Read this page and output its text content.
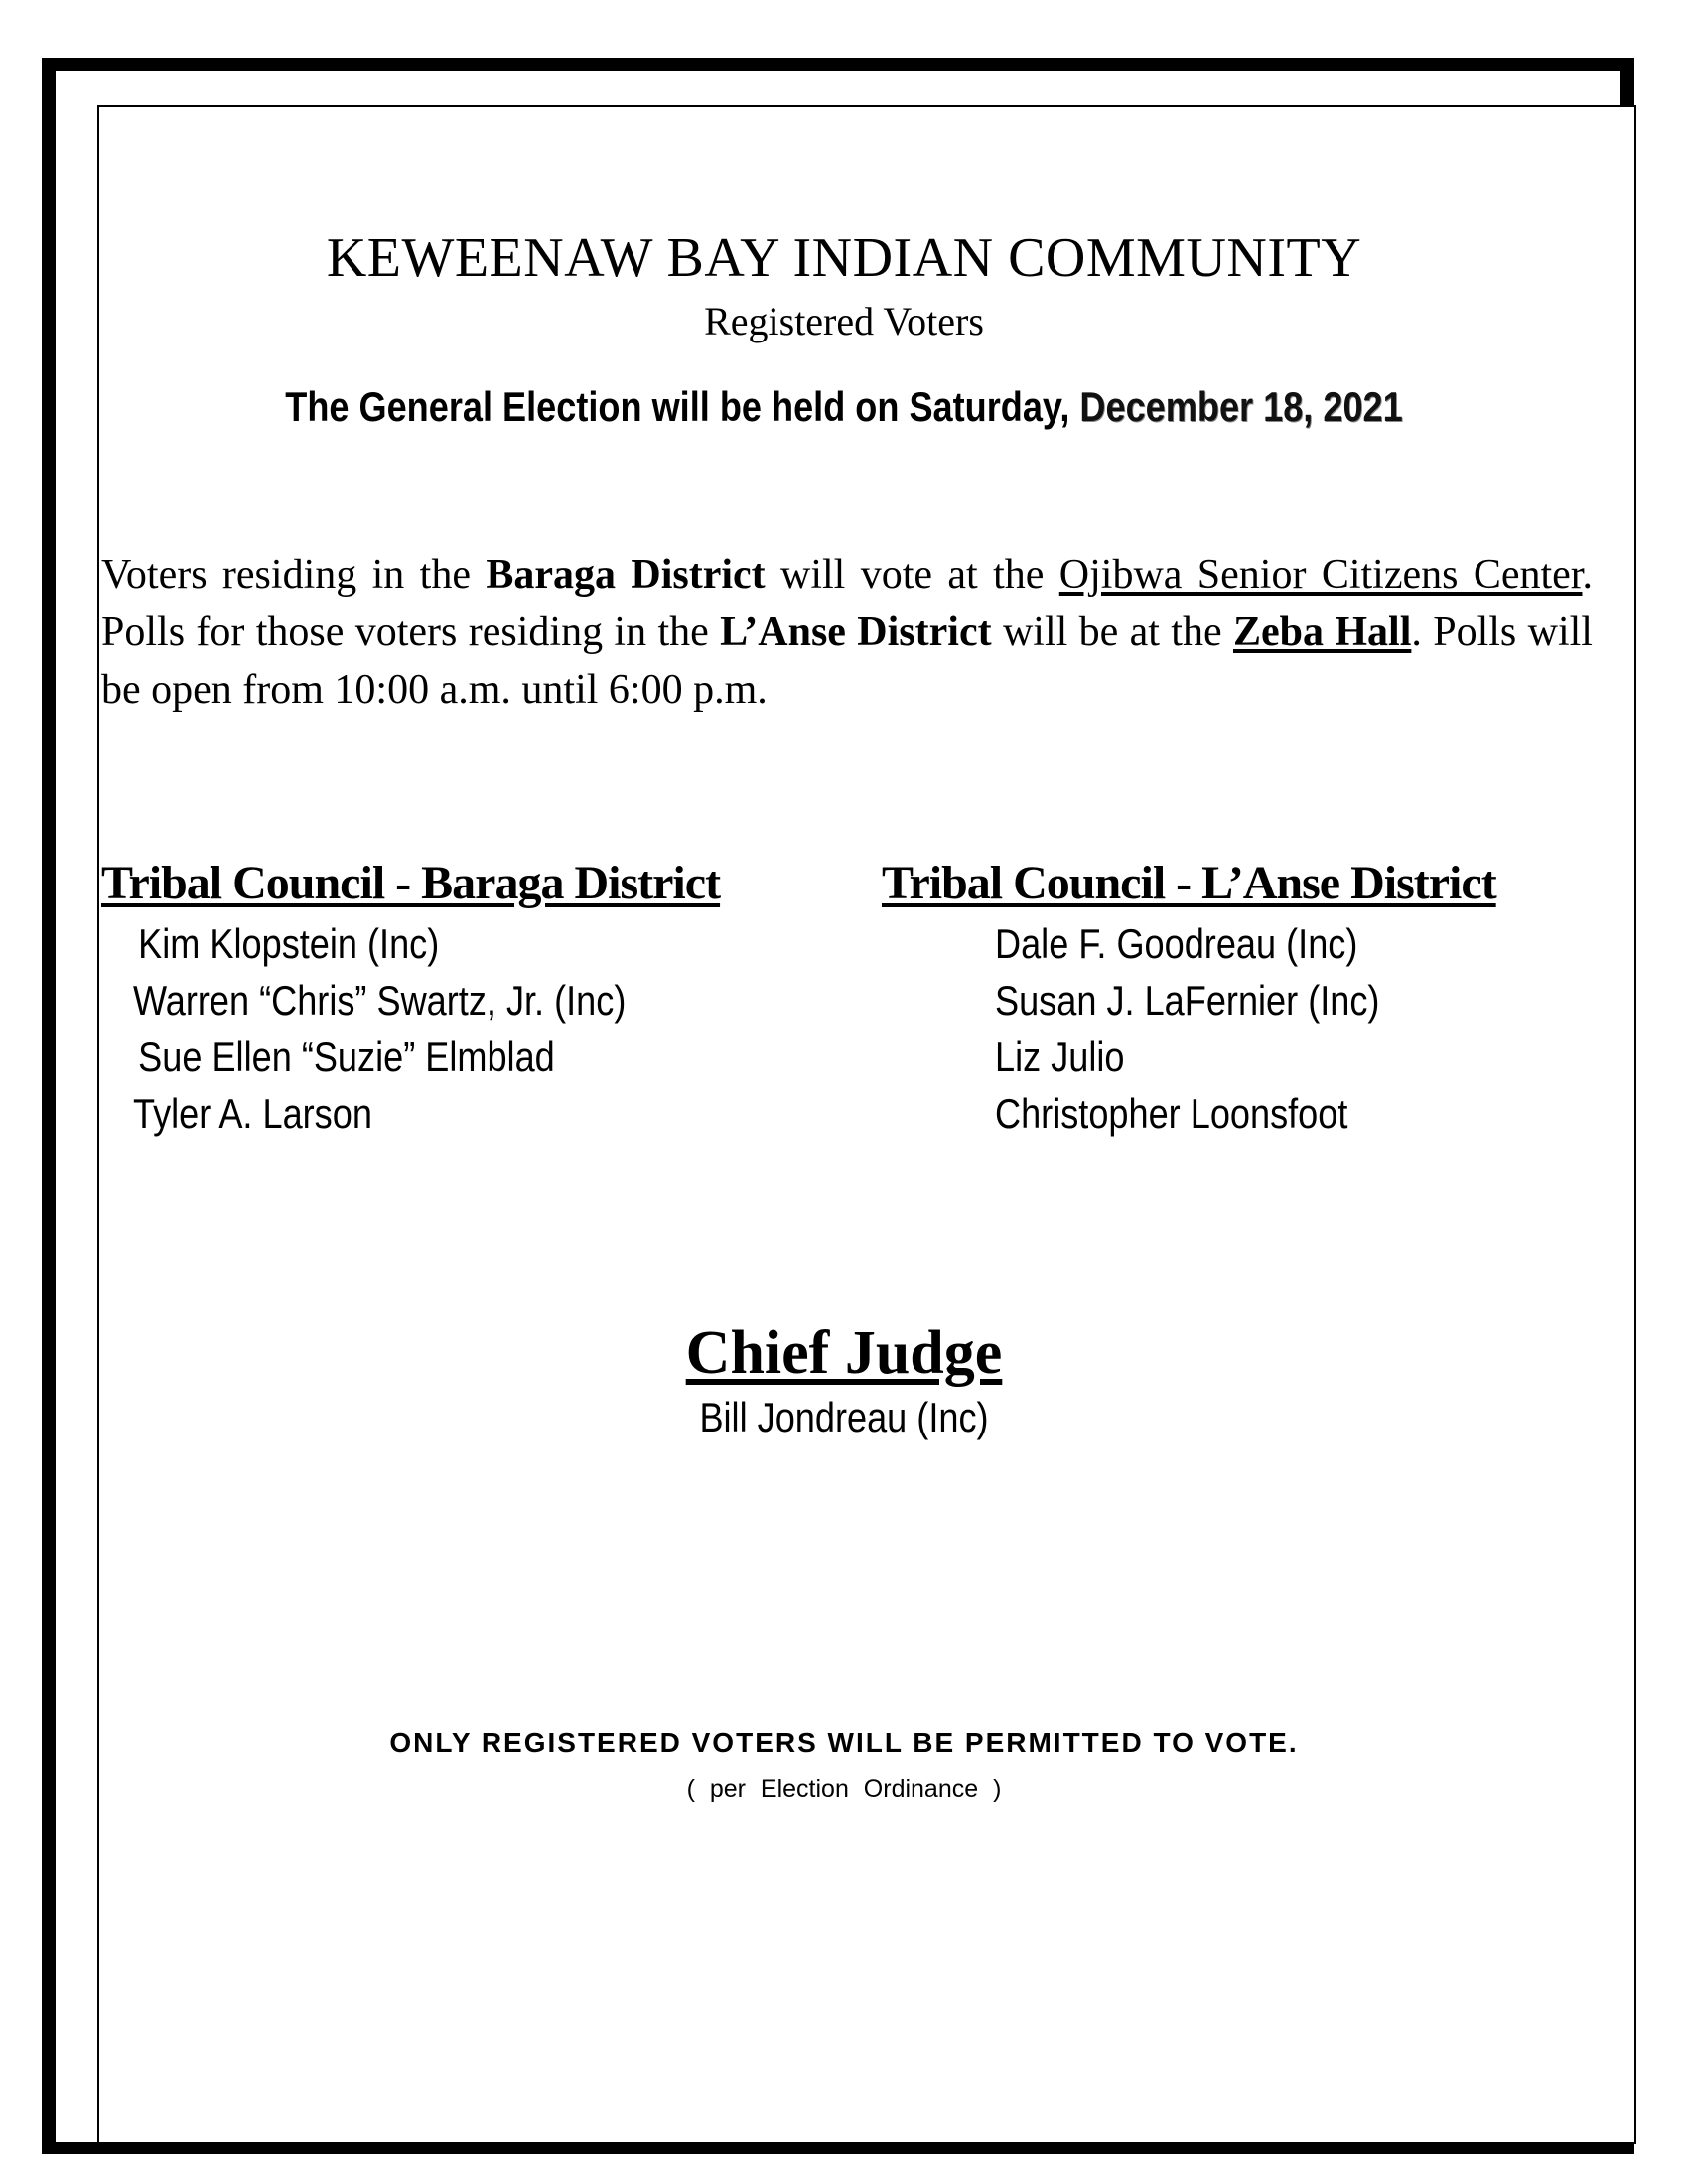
KEWEENAW BAY INDIAN COMMUNITY
Registered Voters
The General Election will be held on Saturday, December 18, 2021
Voters residing in the Baraga District will vote at the Ojibwa Senior Citizens Center. Polls for those voters residing in the L’Anse District will be at the Zeba Hall. Polls will be open from 10:00 a.m. until 6:00 p.m.
Tribal Council - Baraga District
Kim Klopstein (Inc)
Warren “Chris” Swartz, Jr. (Inc)
Sue Ellen “Suzie” Elmblad
Tyler A. Larson
Tribal Council - L’Anse District
Dale F. Goodreau (Inc)
Susan J. LaFernier (Inc)
Liz Julio
Christopher Loonsfoot
Chief Judge
Bill Jondreau (Inc)
ONLY REGISTERED VOTERS WILL BE PERMITTED TO VOTE.
( per Election Ordinance )
